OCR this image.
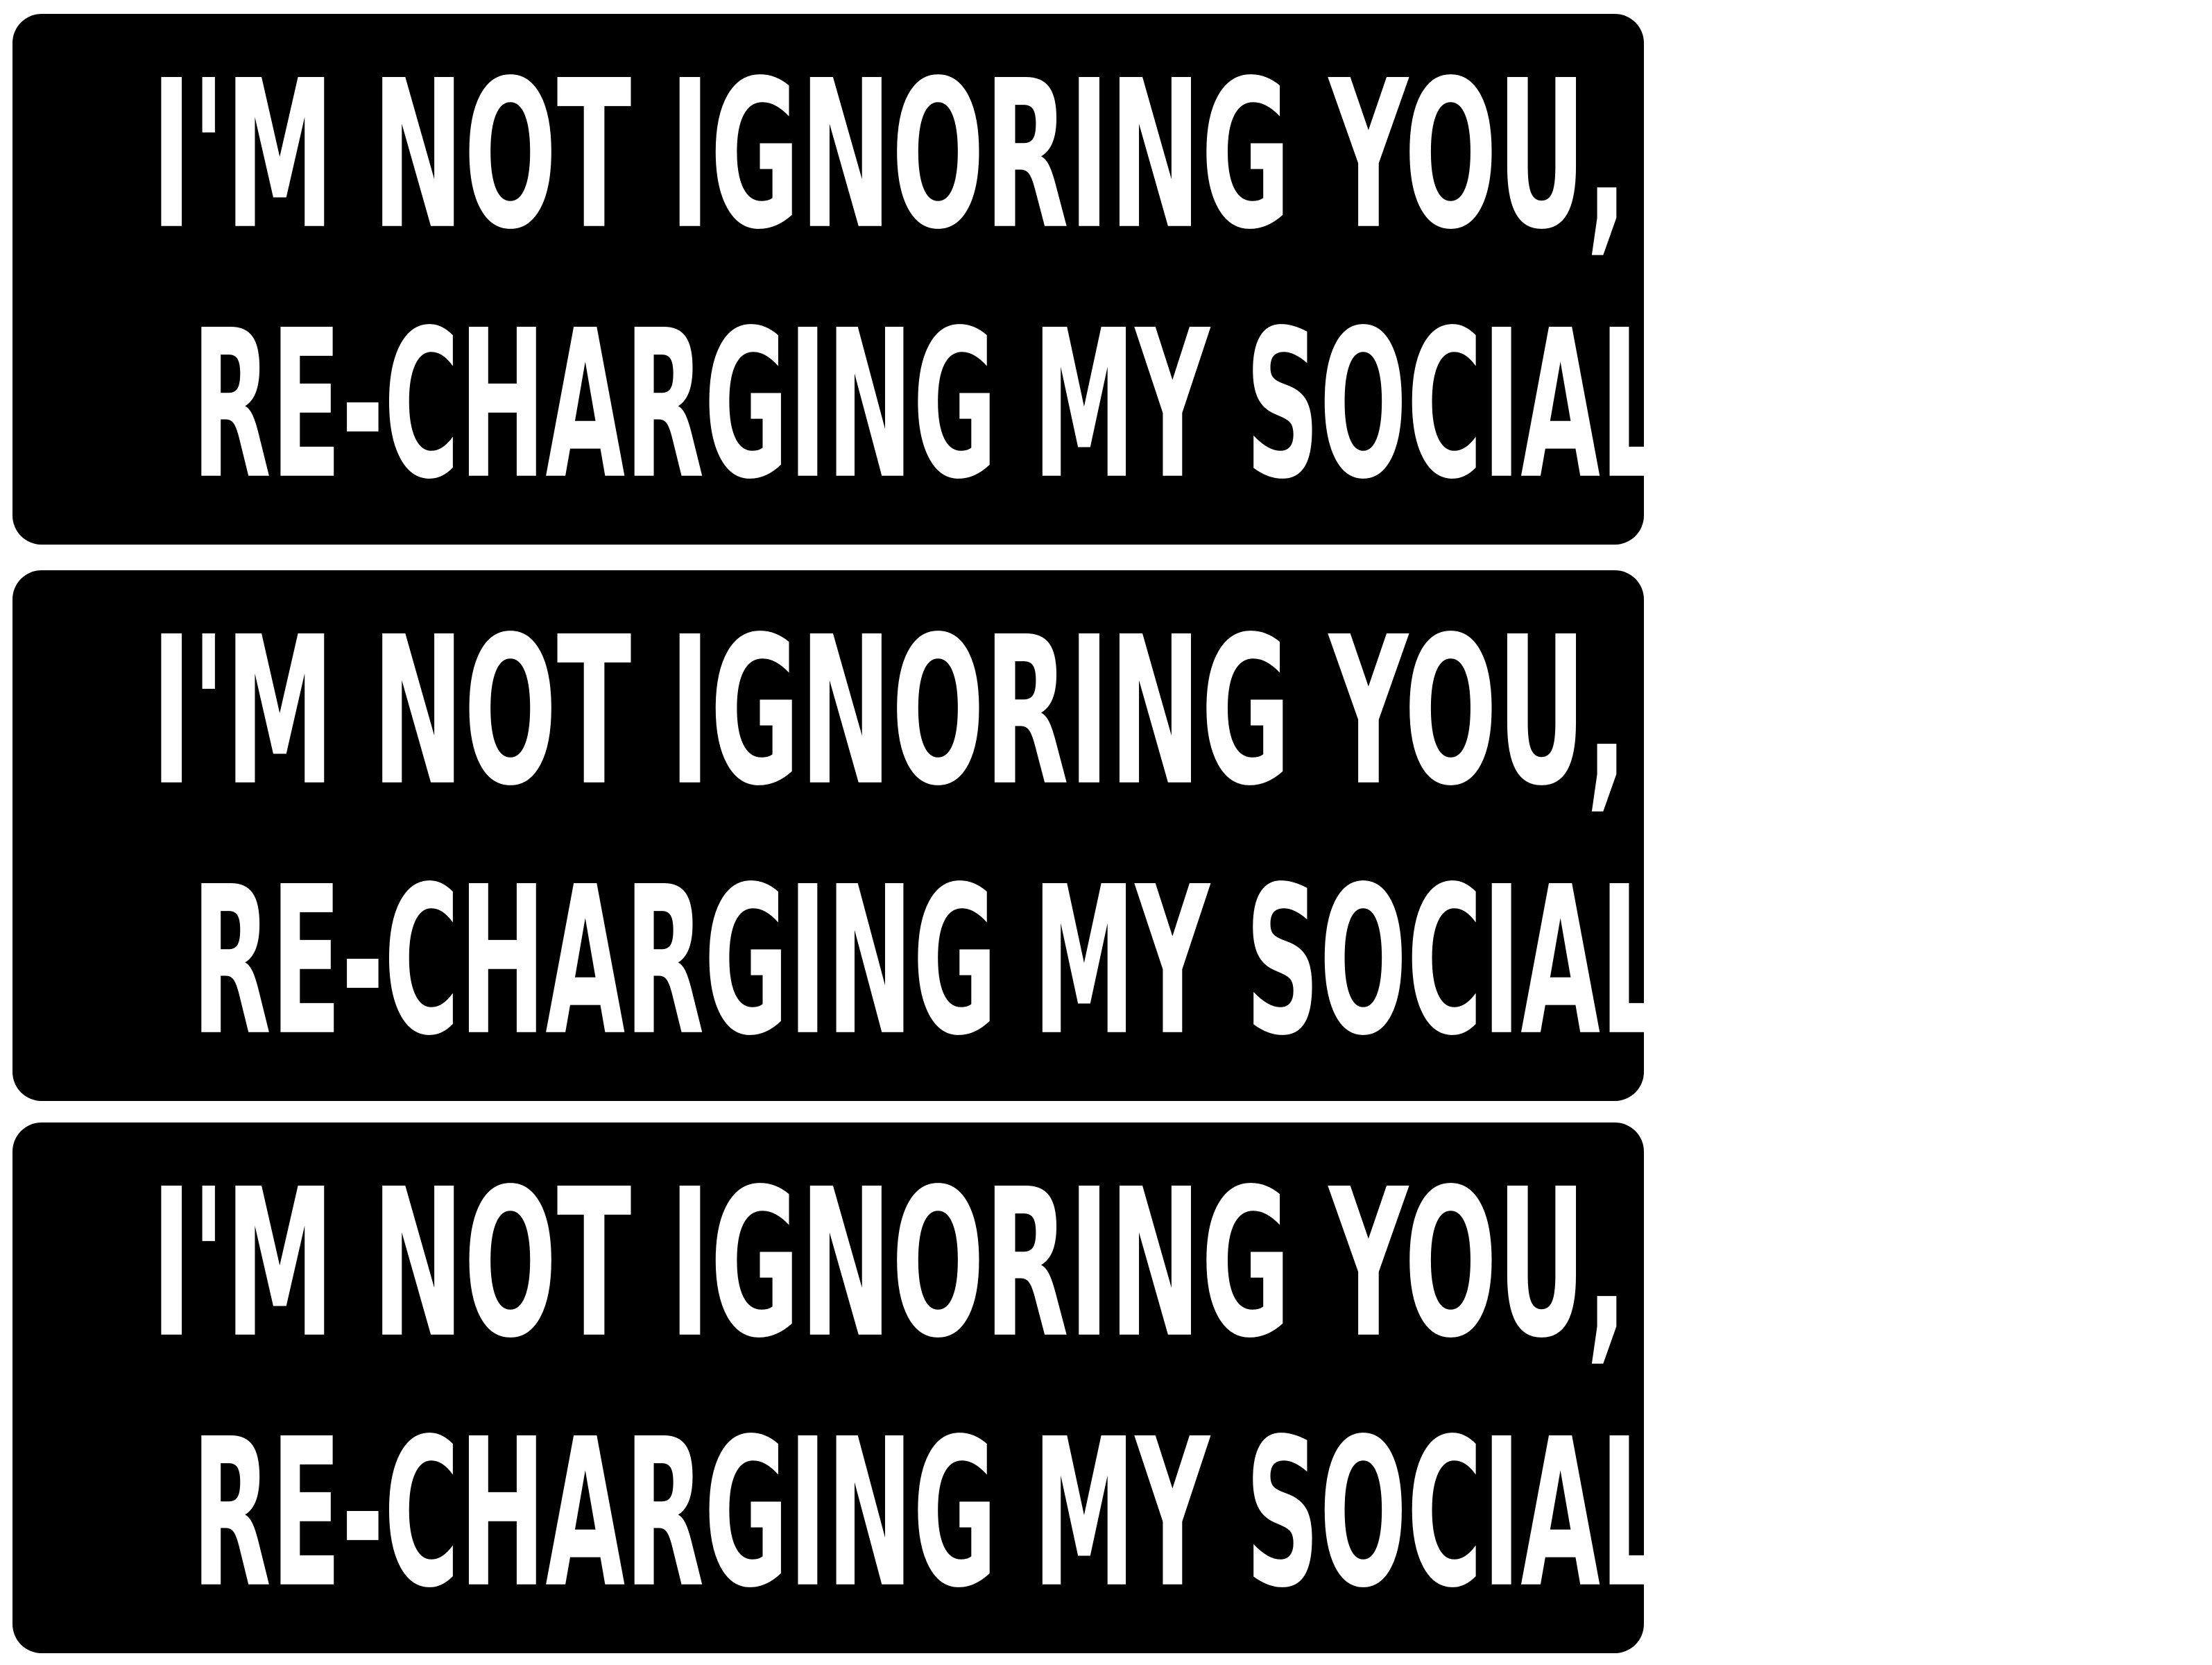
I'M NOT IGNORING YOU, I'M JUST
RE-CHARGING MY SOCIAL BATTERY
I'M NOT IGNORING YOU, I'M JUST
RE-CHARGING MY SOCIAL BATTERY
I'M NOT IGNORING YOU, I'M JUST
RE-CHARGING MY SOCIAL BATTERY
